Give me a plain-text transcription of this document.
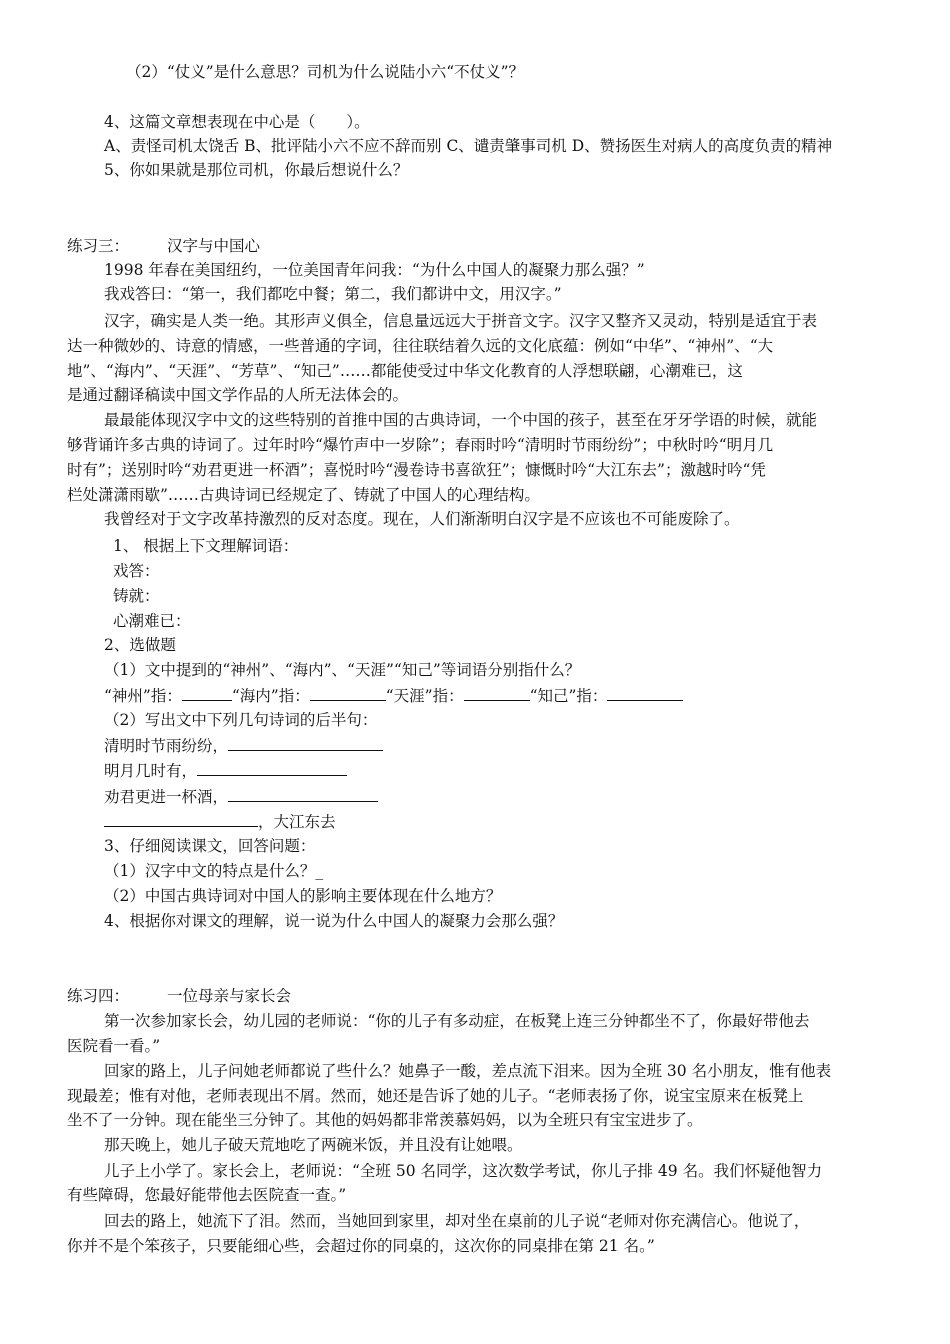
（2）“仗义”是什么意思？司机为什么说陆小六“不仗义”？
4、这篇文章想表现在中心是（　　）。
A、责怪司机太饶舌 B、批评陆小六不应不辞而别 C、谴责肇事司机 D、赞扬医生对病人的高度负责的精神
5、你如果就是那位司机，你最后想说什么？
练习三： 汉字与中国心
1998 年春在美国纽约，一位美国青年问我：“为什么中国人的凝聚力那么强？”
我戏答曰：“第一，我们都吃中餐；第二，我们都讲中文，用汉字。”
汉字，确实是人类一绝。其形声义俱全，信息量远远大于拼音文字。汉字又整齐又灵动，特别是适宜于表
达一种微妙的、诗意的情感，一些普通的字词，往往联结着久远的文化底蕴：例如“中华”、“神州”、“大
地”、“海内”、“天涯”、“芳草”、“知己”……都能使受过中华文化教育的人浮想联翩，心潮难已，这
是通过翻译稿读中国文学作品的人所无法体会的。
最最能体现汉字中文的这些特别的首推中国的古典诗词，一个中国的孩子，甚至在牙牙学语的时候，就能
够背诵许多古典的诗词了。过年时吟“爆竹声中一岁除”；春雨时吟“清明时节雨纷纷”；中秋时吟“明月几
时有”；送别时吟“劝君更进一杯酒”；喜悦时吟“漫卷诗书喜欲狂”；慷慨时吟“大江东去”；激越时吟“凭
栏处潇潇雨歇”……古典诗词已经规定了、铸就了中国人的心理结构。
我曾经对于文字改革持激烈的反对态度。现在，人们渐渐明白汉字是不应该也不可能废除了。
1、 根据上下文理解词语：
戏答：
铸就：
心潮难已：
2、选做题
（1）文中提到的“神州”、“海内”、“天涯”“知己”等词语分别指什么？
“神州”指：	“海内”指：	“天涯”指：	“知己”指：
（2）写出文中下列几句诗词的后半句：
清明时节雨纷纷，
明月几时有，
劝君更进一杯酒，
，大江东去
3、仔细阅读课文，回答问题：
（1）汉字中文的特点是什么？_
（2）中国古典诗词对中国人的影响主要体现在什么地方？
4、根据你对课文的理解，说一说为什么中国人的凝聚力会那么强？
练习四： 一位母亲与家长会
第一次参加家长会，幼儿园的老师说：“你的儿子有多动症，在板凳上连三分钟都坐不了，你最好带他去
医院看一看。”
回家的路上，儿子问她老师都说了些什么？她鼻子一酸，差点流下泪来。因为全班 30 名小朋友，惟有他表
现最差；惟有对他，老师表现出不屑。然而，她还是告诉了她的儿子。“老师表扬了你，说宝宝原来在板凳上
坐不了一分钟。现在能坐三分钟了。其他的妈妈都非常羡慕妈妈，以为全班只有宝宝进步了。
那天晚上，她儿子破天荒地吃了两碗米饭，并且没有让她喂。
儿子上小学了。家长会上，老师说：“全班 50 名同学，这次数学考试，你儿子排 49 名。我们怀疑他智力
有些障碍，您最好能带他去医院查一查。”
回去的路上，她流下了泪。然而，当她回到家里，却对坐在桌前的儿子说“老师对你充满信心。他说了，
你并不是个笨孩子，只要能细心些，会超过你的同桌的，这次你的同桌排在第 21 名。”
